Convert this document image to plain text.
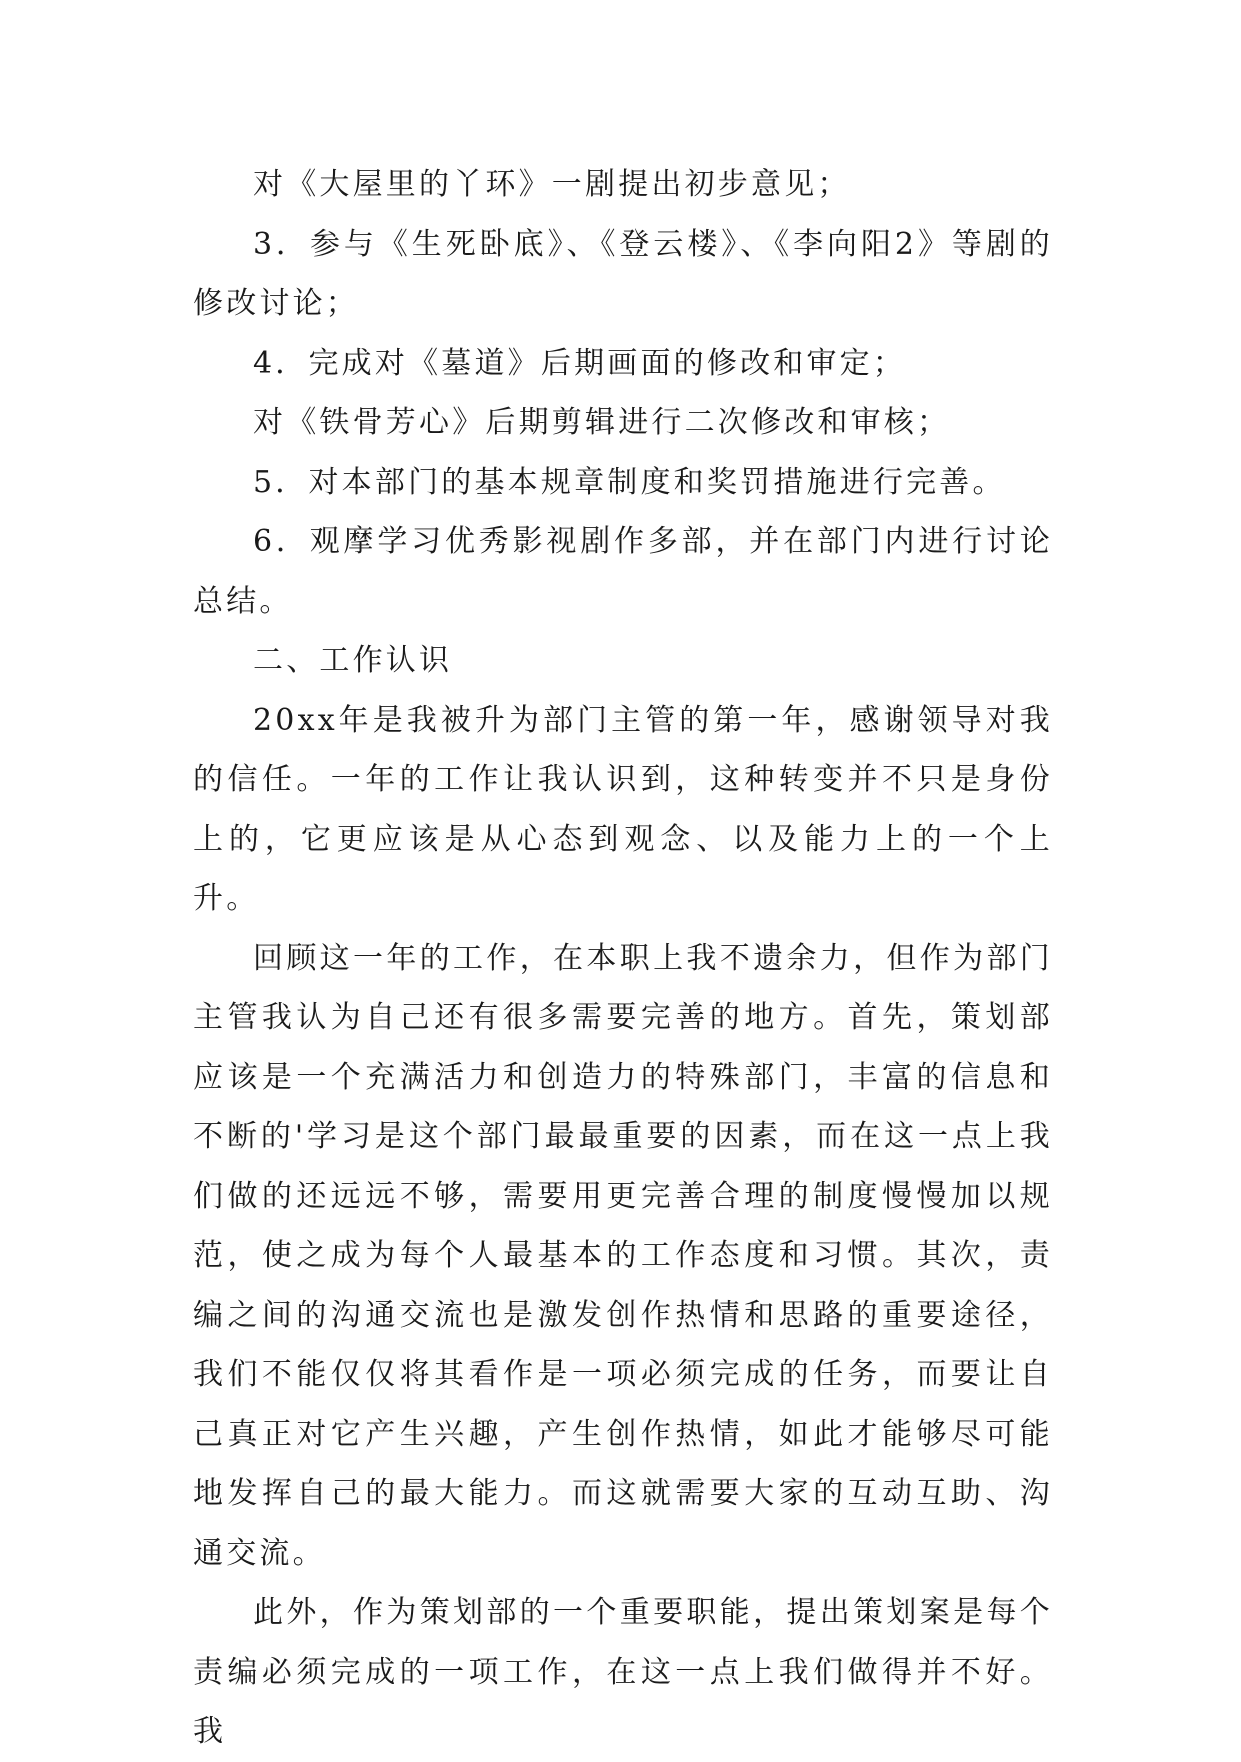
对《大屋里的丫环》一剧提出初步意见；

3．参与《生死卧底》、《登云楼》、《李向阳2》等剧的修改讨论；

4．完成对《墓道》后期画面的修改和审定；

对《铁骨芳心》后期剪辑进行二次修改和审核；

5．对本部门的基本规章制度和奖罚措施进行完善。

6．观摩学习优秀影视剧作多部，并在部门内进行讨论总结。

二、工作认识

20xx年是我被升为部门主管的第一年，感谢领导对我的信任。一年的工作让我认识到，这种转变并不只是身份上的，它更应该是从心态到观念、以及能力上的一个上升。

回顾这一年的工作，在本职上我不遗余力，但作为部门主管我认为自己还有很多需要完善的地方。首先，策划部应该是一个充满活力和创造力的特殊部门，丰富的信息和不断的'学习是这个部门最最重要的因素，而在这一点上我们做的还远远不够，需要用更完善合理的制度慢慢加以规范，使之成为每个人最基本的工作态度和习惯。其次，责编之间的沟通交流也是激发创作热情和思路的重要途径，我们不能仅仅将其看作是一项必须完成的任务，而要让自己真正对它产生兴趣，产生创作热情，如此才能够尽可能地发挥自己的最大能力。而这就需要大家的互动互助、沟通交流。

此外，作为策划部的一个重要职能，提出策划案是每个责编必须完成的一项工作，在这一点上我们做得并不好。我
